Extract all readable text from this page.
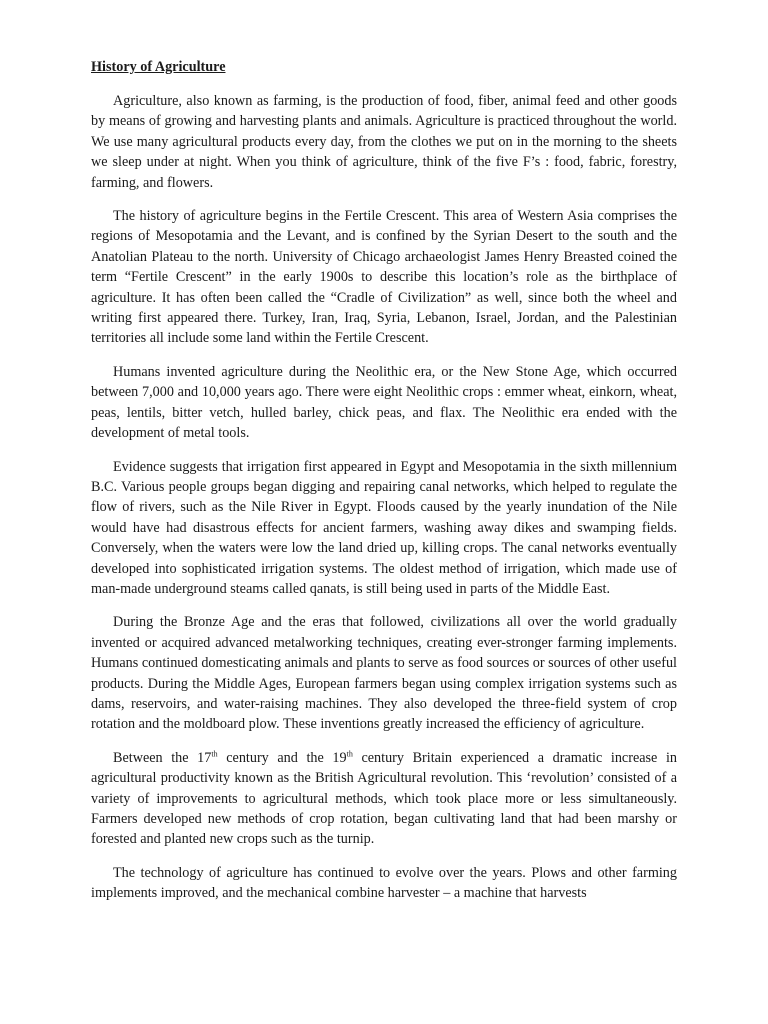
History of Agriculture

Agriculture, also known as farming, is the production of food, fiber, animal feed and other goods by means of growing and harvesting plants and animals. Agriculture is practiced throughout the world. We use many agricultural products every day, from the clothes we put on in the morning to the sheets we sleep under at night. When you think of agriculture, think of the five F’s : food, fabric, forestry, farming, and flowers.

The history of agriculture begins in the Fertile Crescent. This area of Western Asia comprises the regions of Mesopotamia and the Levant, and is confined by the Syrian Desert to the south and the Anatolian Plateau to the north. University of Chicago archaeologist James Henry Breasted coined the term “Fertile Crescent” in the early 1900s to describe this location’s role as the birthplace of agriculture. It has often been called the “Cradle of Civilization” as well, since both the wheel and writing first appeared there. Turkey, Iran, Iraq, Syria, Lebanon, Israel, Jordan, and the Palestinian territories all include some land within the Fertile Crescent.

Humans invented agriculture during the Neolithic era, or the New Stone Age, which occurred between 7,000 and 10,000 years ago. There were eight Neolithic crops : emmer wheat, einkorn, wheat, peas, lentils, bitter vetch, hulled barley, chick peas, and flax. The Neolithic era ended with the development of metal tools.

Evidence suggests that irrigation first appeared in Egypt and Mesopotamia in the sixth millennium B.C. Various people groups began digging and repairing canal networks, which helped to regulate the flow of rivers, such as the Nile River in Egypt. Floods caused by the yearly inundation of the Nile would have had disastrous effects for ancient farmers, washing away dikes and swamping fields. Conversely, when the waters were low the land dried up, killing crops. The canal networks eventually developed into sophisticated irrigation systems. The oldest method of irrigation, which made use of man-made underground steams called qanats, is still being used in parts of the Middle East.

During the Bronze Age and the eras that followed, civilizations all over the world gradually invented or acquired advanced metalworking techniques, creating ever-stronger farming implements. Humans continued domesticating animals and plants to serve as food sources or sources of other useful products. During the Middle Ages, European farmers began using complex irrigation systems such as dams, reservoirs, and water-raising machines. They also developed the three-field system of crop rotation and the moldboard plow. These inventions greatly increased the efficiency of agriculture.

Between the 17th century and the 19th century Britain experienced a dramatic increase in agricultural productivity known as the British Agricultural revolution. This ‘revolution’ consisted of a variety of improvements to agricultural methods, which took place more or less simultaneously. Farmers developed new methods of crop rotation, began cultivating land that had been marshy or forested and planted new crops such as the turnip.

The technology of agriculture has continued to evolve over the years. Plows and other farming implements improved, and the mechanical combine harvester – a machine that harvests
